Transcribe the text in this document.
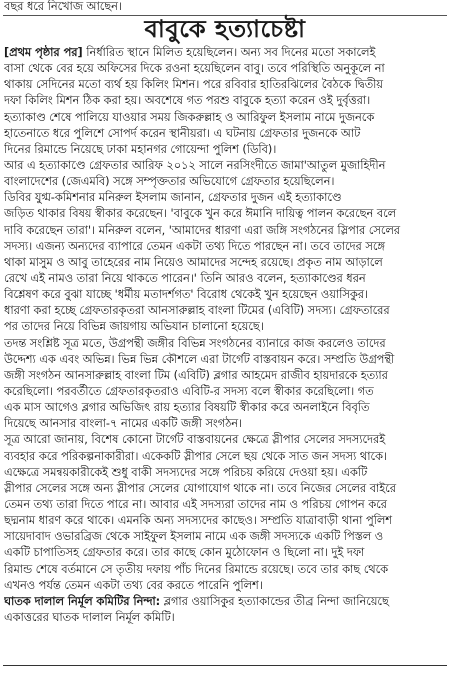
বছর ধরে নিখোজ আছেন।
বাবুকে হত্যাচেষ্টা
[প্রথম পৃষ্ঠার পর] নির্ধারিত স্থানে মিলিত হয়েছিলেন। অন্য সব দিনের মতো সকালেই
বাসা থেকে বের হয়ে অফিসের দিকে রওনা হয়েছিলেন বাবু। তবে পরিস্থিতি অনুকূলে না
থাকায় সেদিনের মতো ব্যর্থ হয় কিলিং মিশন। পরে রবিবার হাতিরঝিলের বৈঠকে দ্বিতীয়
দফা কিলিং মিশন ঠিক করা হয়। অবশেষে গত পরশু বাবুকে হত্যা করেন ওই দুর্বৃত্তরা।
হত্যাকাণ্ড শেষে পালিয়ে যাওয়ার সময় জিকরুল্লাহ ও আরিফুল ইসলাম নামে দুজনকে
হাতেনাতে ধরে পুলিশে সোপর্দ করেন স্থানীয়রা। এ ঘটনায় গ্রেফতার দুজনকে আট
দিনের রিমান্ডে নিয়েছে ঢাকা মহানগর গোয়েন্দা পুলিশ (ডিবি)।
আর এ হত্যাকাণ্ডে গ্রেফতার আরিফ ২০১২ সালে নরসিংদীতে জামা'আতুল মুজাহিদীন
বাংলাদেশের (জেএমবি) সঙ্গে সম্পৃক্ততার অভিযোগে গ্রেফতার হয়েছিলেন।
ডিবির যুগ্ম-কমিশনার মনিরুল ইসলাম জানান, গ্রেফতার দুজন এই হত্যাকাণ্ডে
জড়িত থাকার বিষয় স্বীকার করেছেন। 'বাবুকে খুন করে ঈমানি দায়িত্ব পালন করেছেন বলে
দাবি করেছেন তারা'। মনিরুল বলেন, 'আমাদের ধারণা এরা জঙ্গি সংগঠনের স্লিপার সেলের
সদস্য। এজন্য অন্যদের ব্যাপারে তেমন একটা তথ্য দিতে পারছেন না। তবে তাদের সঙ্গে
থাকা মাসুম ও আবু তাহেরের নাম নিয়েও আমাদের সন্দেহ রয়েছে। প্রকৃত নাম আড়ালে
রেখে এই নামও তারা নিয়ে থাকতে পারেন।' তিনি আরও বলেন, হত্যাকাণ্ডের ধরন
বিশ্লেষণ করে বুঝা যাচ্ছে 'ধর্মীয় মতাদর্শগত' বিরোধ থেকেই খুন হয়েছেন ওয়াসিকুর।
ধারণা করা হচ্ছে গ্রেফতারকৃতরা আনসারুল্লাহ বাংলা টিমের (এবিটি) সদস্য। গ্রেফতারের
পর তাদের নিয়ে বিভিন্ন জায়গায় অভিযান চালানো হয়েছে।
তদন্ত সংশ্লিষ্ট সূত্র মতে, উগ্রপন্থী জঙ্গীর বিভিন্ন সংগঠনের ব্যানারে কাজ করলেও তাদের
উদ্দেশ্য এক এবং অভিন্ন। ভিন্ন ভিন্ন কৌশলে এরা টার্গেট বাস্তবায়ন করে। সম্প্রতি উগ্রপন্থী
জঙ্গী সংগঠন আনসারুল্লাহ বাংলা টিম (এবিটি) ব্লগার আহমেদ রাজীব হায়দারকে হত্যার
করেছিলো। পরবর্তীতে গ্রেফতারকৃতরাও এবিটি-র সদস্য বলে স্বীকার করেছিলো। গত
এক মাস আগেও ব্লগার অভিজিৎ রায় হত্যার বিষয়টি স্বীকার করে অনলাইনে বিবৃতি
দিয়েছে আনসার বাংলা-৭ নামের একটি জঙ্গী সংগঠন।
সূত্র আরো জানায়, বিশেষ কোনো টার্গেট বাস্তবায়নের ক্ষেত্রে স্লীপার সেলের সদস্যদেরই
ব্যবহার করে পরিকল্পনাকারীরা। একেকটি স্লীপার সেলে ছয় থেকে সাত জন সদস্য থাকে।
এক্ষেত্রে সমন্বয়কারীকেই শুধু বাকী সদস্যদের সঙ্গে পরিচয় করিয়ে দেওয়া হয়। একটি
স্লীপার সেলের সঙ্গে অন্য স্লীপার সেলের যোগাযোগ থাকে না। তবে নিজের সেলের বাইরে
তেমন তথ্য তারা দিতে পারে না। আবার এই সদস্যরা তাদের নাম ও পরিচয় গোপন করে
ছদ্মনাম ধারণ করে থাকে। এমনকি অন্য সদস্যদের কাছেও। সম্প্রতি যাত্রাবাড়ী থানা পুলিশ
সায়েদাবাদ ওভারব্রিজ থেকে সাইফুল ইসলাম নামে এক জঙ্গী সদস্যকে একটি পিস্তল ও
একটি চাপাতিসহ গ্রেফতার করে। তার কাছে কোন মুঠোফোন ও ছিলো না। দুই দফা
রিমান্ড শেষে বর্তমানে সে তৃতীয় দফায় পাঁচ দিনের রিমান্ডে রয়েছে। তবে তার কাছ থেকে
এখনও পর্যন্ত তেমন একটা তথ্য বের করতে পারেনি পুলিশ।
ঘাতক দালাল নির্মূল কমিটির নিন্দা: ব্লগার ওয়াসিকুর হত্যাকান্ডের তীব্র নিন্দা জানিয়েছে
একাত্তরের ঘাতক দালাল নির্মূল কমিটি।
